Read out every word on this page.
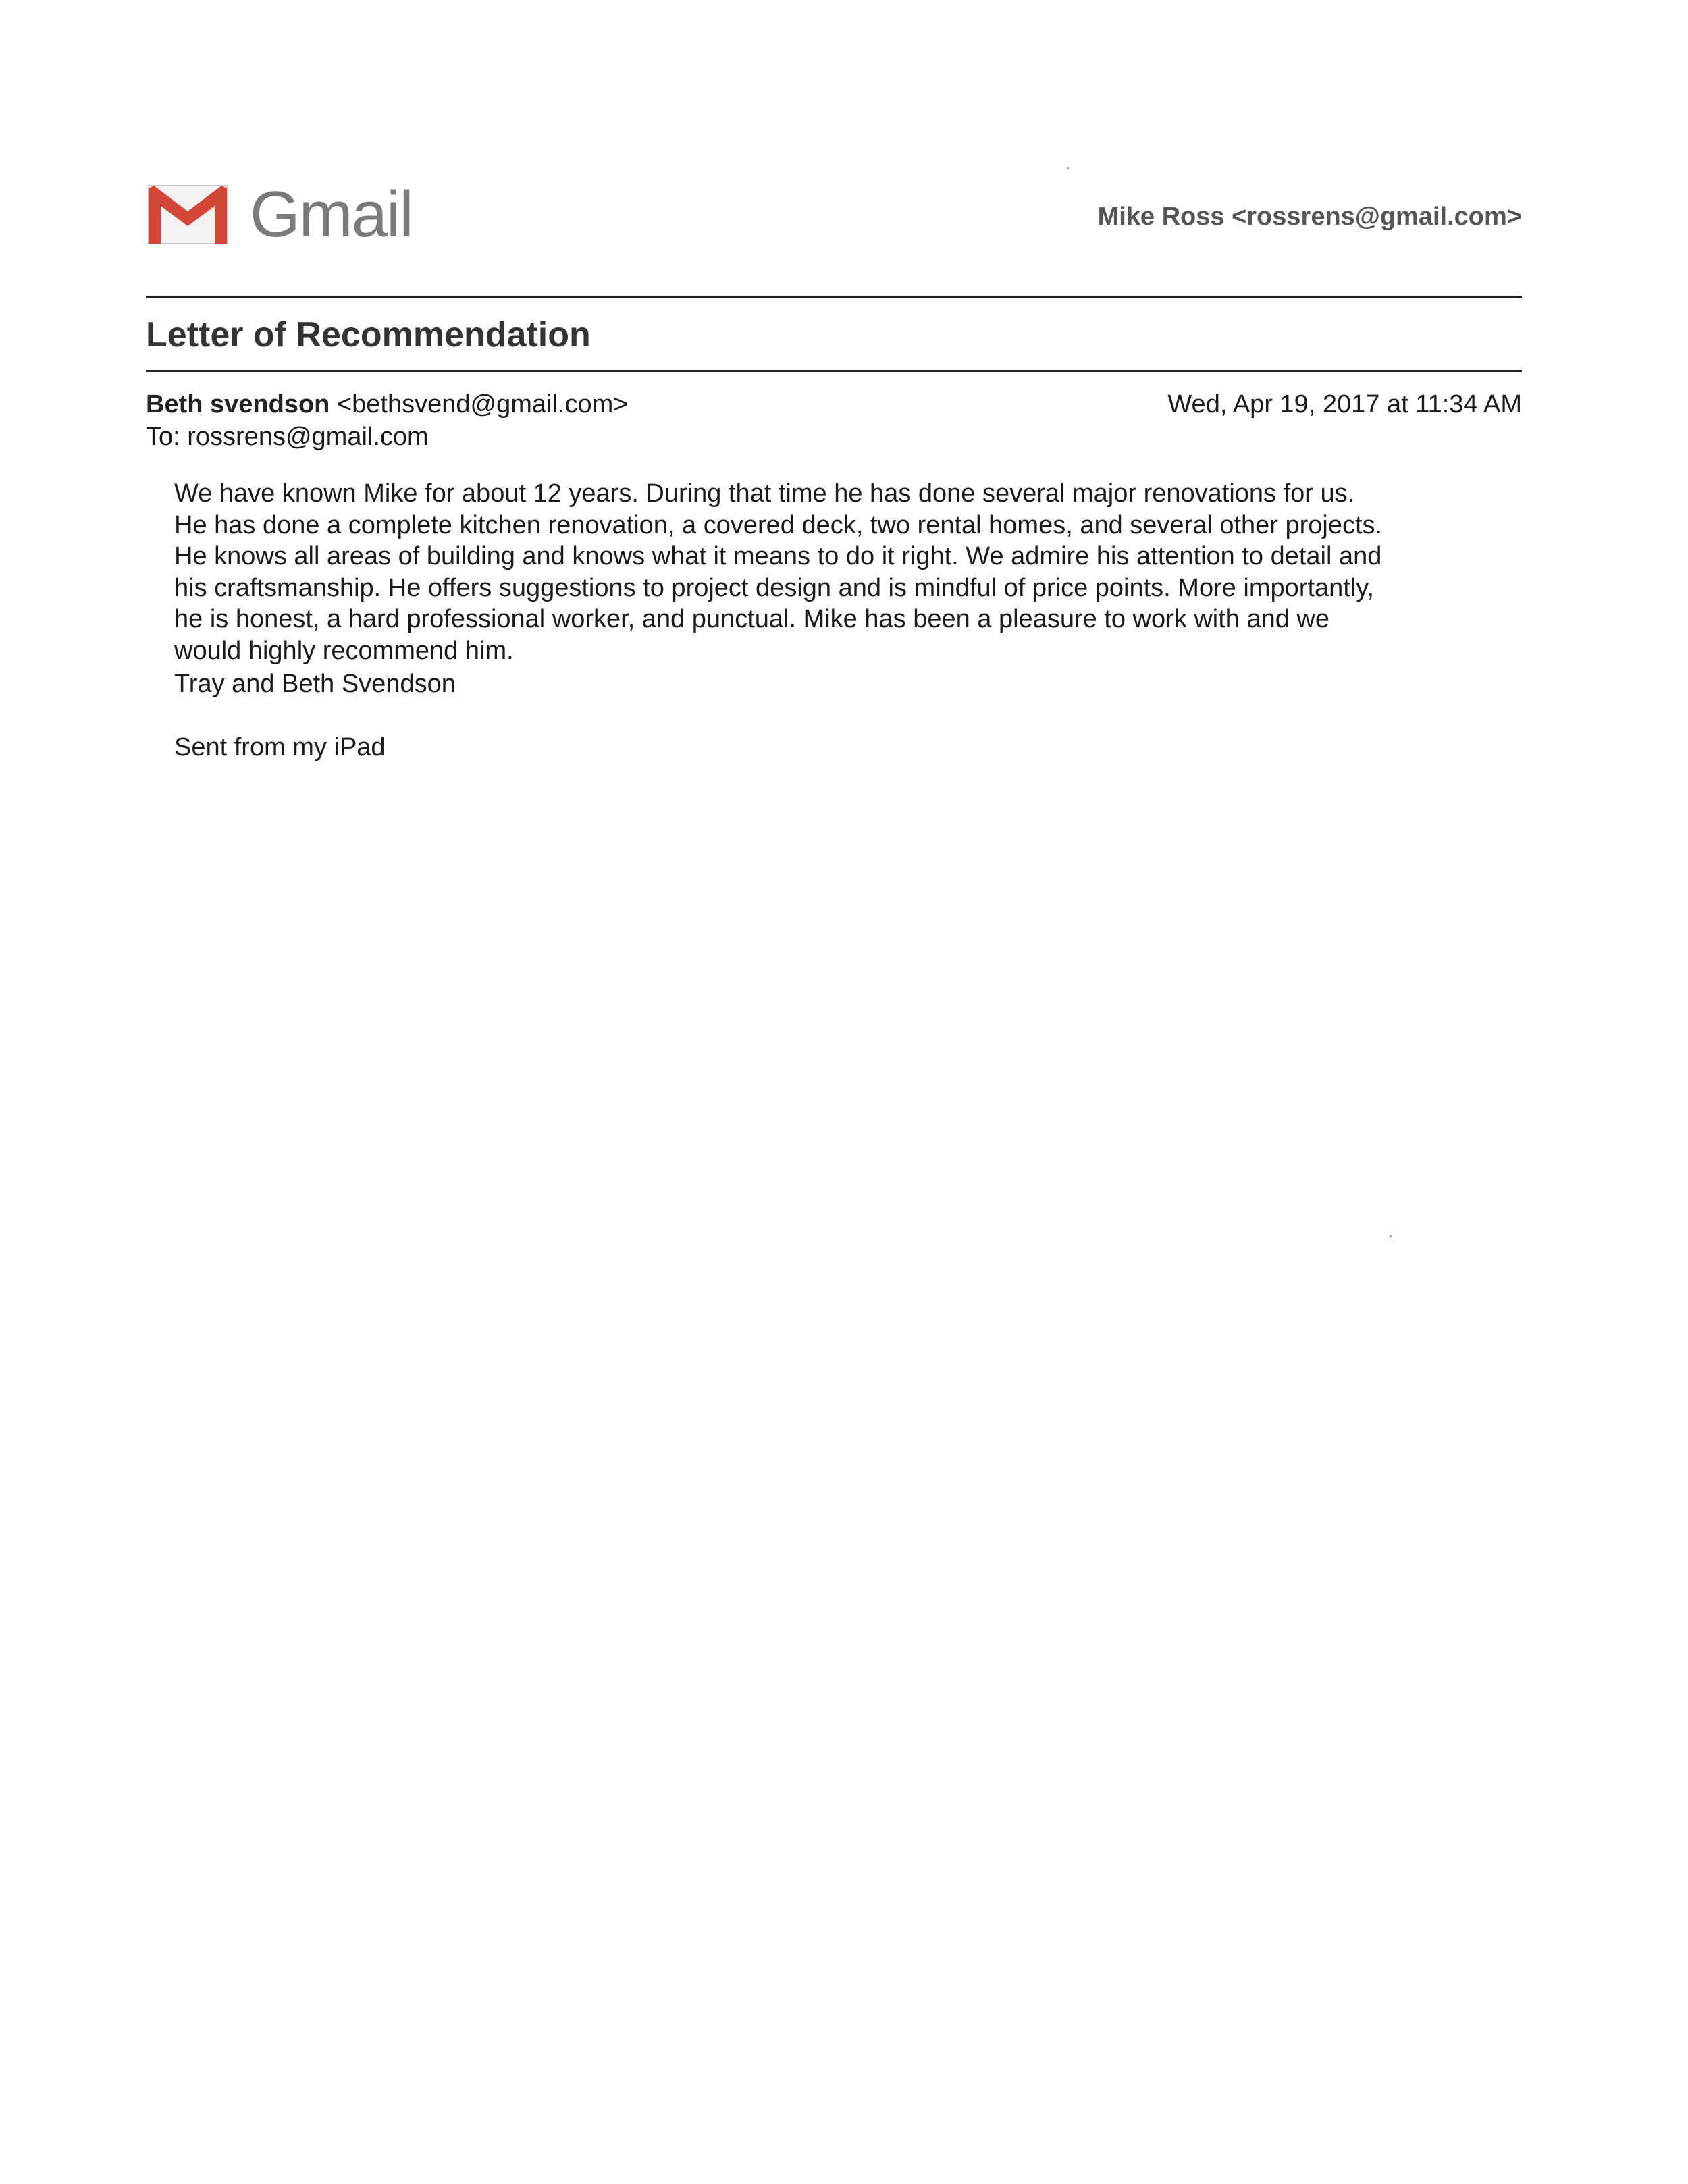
Gmail	Mike Ross <rossrens@gmail.com>
Letter of Recommendation
Beth svendson <bethsvend@gmail.com>	Wed, Apr 19, 2017 at 11:34 AM
To: rossrens@gmail.com
We have known Mike for about 12 years. During that time he has done several major renovations for us.
He has done a complete kitchen renovation, a covered deck, two rental homes, and several other projects.
He knows all areas of building and knows what it means to do it right. We admire his attention to detail and
his craftsmanship. He offers suggestions to project design and is mindful of price points. More importantly,
he is honest, a hard professional worker, and punctual. Mike has been a pleasure to work with and we
would highly recommend him.
Tray and Beth Svendson
Sent from my iPad
